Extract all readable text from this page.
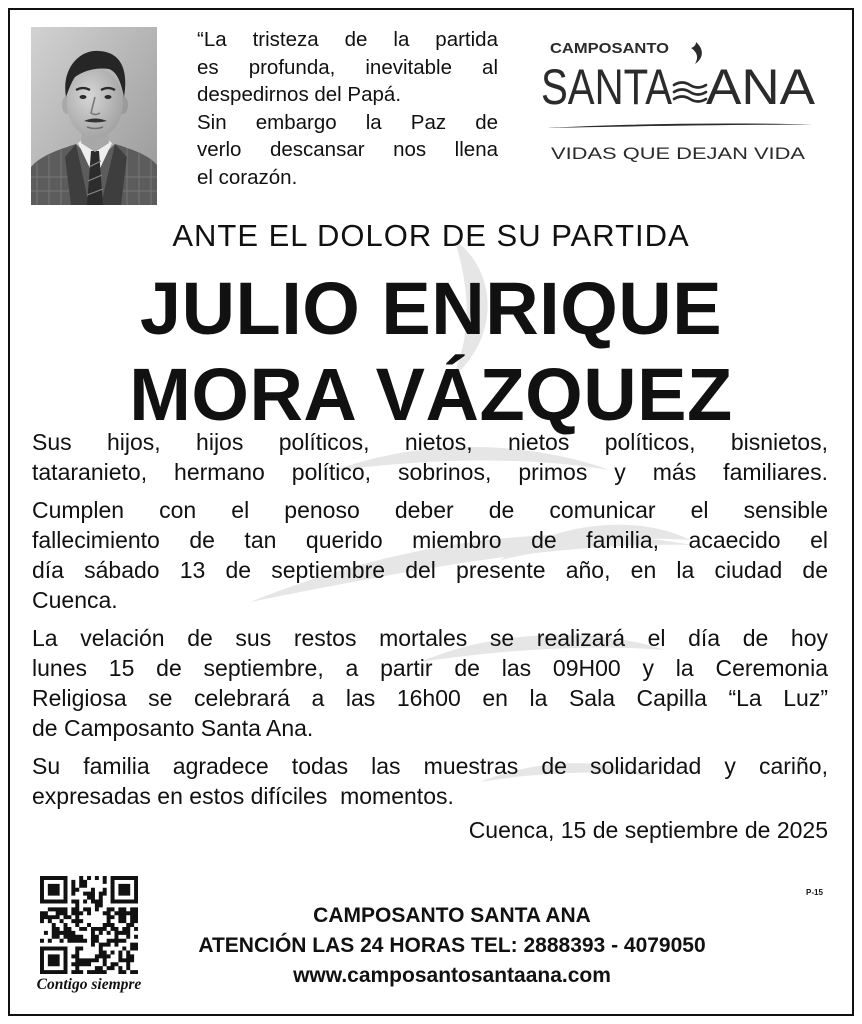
“La tristeza de la partida
es profunda, inevitable al
despedirnos del Papá.
Sin embargo la Paz de
verlo descansar nos llena
el corazón.
CAMPOSANTO
SANTA ANA
VIDAS QUE DEJAN VIDA
ANTE EL DOLOR DE SU PARTIDA
JULIO ENRIQUE
MORA VÁZQUEZ
Sus hijos, hijos políticos, nietos, nietos políticos, bisnietos,
tataranieto, hermano político, sobrinos, primos y más familiares.
Cumplen con el penoso deber de comunicar el sensible
fallecimiento de tan querido miembro de familia, acaecido el
día sábado 13 de septiembre del presente año, en la ciudad de
Cuenca.
La velación de sus restos mortales se realizará el día de hoy
lunes 15 de septiembre, a partir de las 09H00 y la Ceremonia
Religiosa se celebrará a las 16h00 en la Sala Capilla “La Luz”
de Camposanto Santa Ana.
Su familia agradece todas las muestras de solidaridad y cariño,
expresadas en estos difíciles  momentos.
Cuenca, 15 de septiembre de 2025
Contigo siempre
P-15
CAMPOSANTO SANTA ANA
ATENCIÓN LAS 24 HORAS TEL: 2888393 - 4079050
www.camposantosantaana.com
